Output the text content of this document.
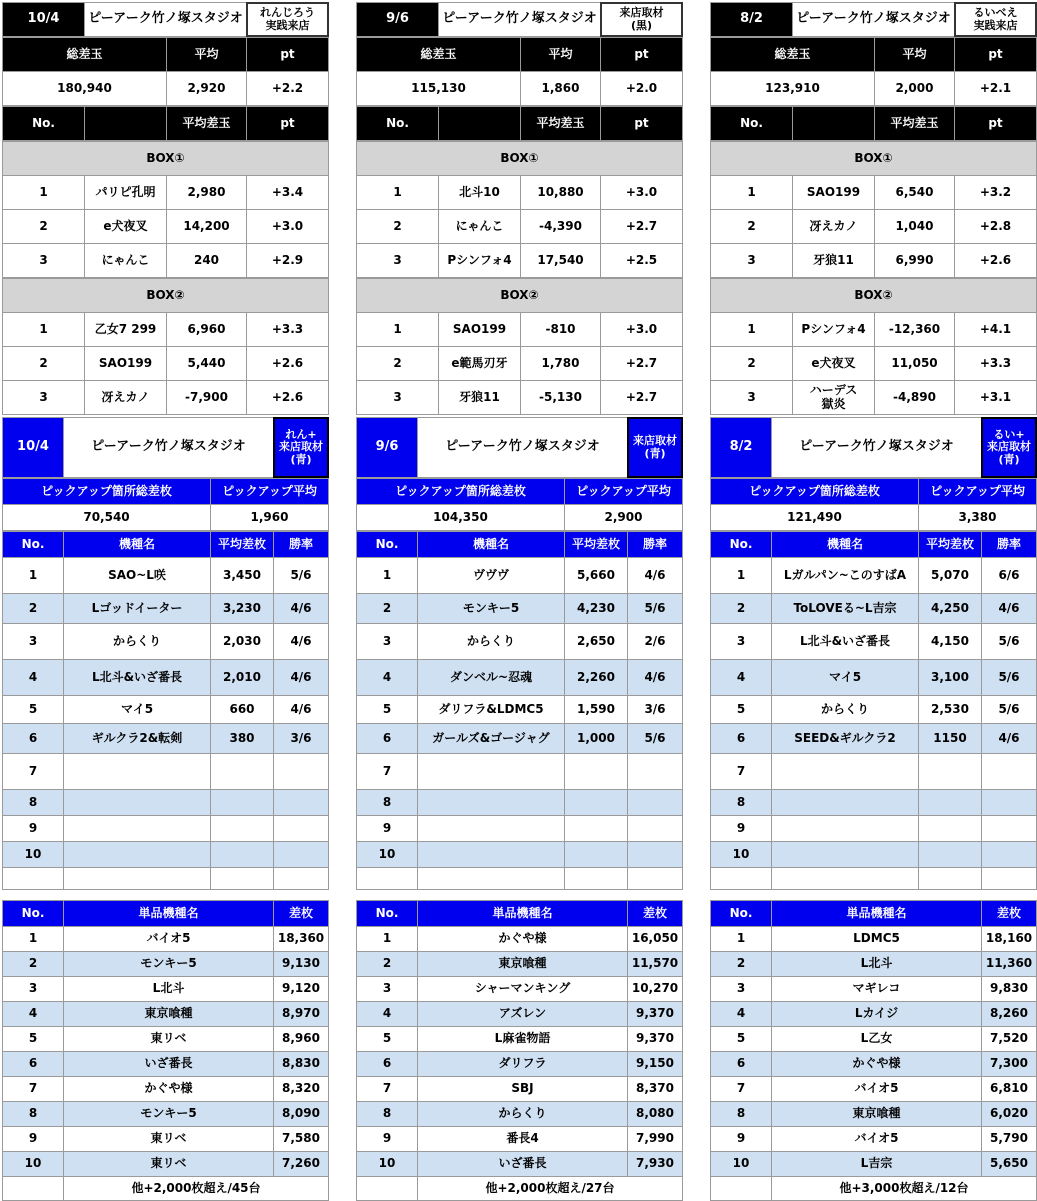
10/4	ピーアーク竹ノ塚スタジオ	れんじろう
実践来店
総差玉	平均	pt
180,940	2,920	+2.2
No.	平均差玉	pt
BOX①
1	パリピ孔明	2,980	+3.4
2	e犬夜叉	14,200	+3.0
3	にゃんこ	240	+2.9
BOX②
1	乙女7 299	6,960	+3.3
2	SAO199	5,440	+2.6
3	冴えカノ	-7,900	+2.6
9/6	ピーアーク竹ノ塚スタジオ	来店取材
(黒)
総差玉	平均	pt
115,130	1,860	+2.0
No.	平均差玉	pt
BOX①
1	北斗10	10,880	+3.0
2	にゃんこ	-4,390	+2.7
3	Pシンフォ4	17,540	+2.5
BOX②
1	SAO199	-810	+3.0
2	e範馬刃牙	1,780	+2.7
3	牙狼11	-5,130	+2.7
8/2	ピーアーク竹ノ塚スタジオ	るいべえ
実践来店
総差玉	平均	pt
123,910	2,000	+2.1
No.	平均差玉	pt
BOX①
1	SAO199	6,540	+3.2
2	冴えカノ	1,040	+2.8
3	牙狼11	6,990	+2.6
BOX②
1	Pシンフォ4	-12,360	+4.1
2	e犬夜叉	11,050	+3.3
3	ハーデス
獄炎	-4,890	+3.1
10/4	ピーアーク竹ノ塚スタジオ
れん+
来店取材
(青)
ピックアップ箇所総差枚	ピックアップ平均
70,540	1,960
No.	機種名	平均差枚	勝率
1	SAO~L咲	3,450	5/6
2	Lゴッドイーター	3,230	4/6
3	からくり	2,030	4/6
4	L北斗&いざ番長	2,010	4/6
5	マイ5	660	4/6
6	ギルクラ2&転剣	380	3/6
7
8
9
10
No.	単品機種名	差枚
1	バイオ5	18,360
2	モンキー5	9,130
3	L北斗	9,120
4	東京喰種	8,970
5	東リベ	8,960
6	いざ番長	8,830
7	かぐや様	8,320
8	モンキー5	8,090
9	東リベ	7,580
10	東リベ	7,260
他+2,000枚超え/45台
9/6	ピーアーク竹ノ塚スタジオ	来店取材
(青)
ピックアップ箇所総差枚	ピックアップ平均
104,350	2,900
No.	機種名	平均差枚	勝率
1	ヴヴヴ	5,660	4/6
2	モンキー5	4,230	5/6
3	からくり	2,650	2/6
4	ダンベル~忍魂	2,260	4/6
5	ダリフラ&LDMC5	1,590	3/6
6	ガールズ&ゴージャグ	1,000	5/6
7
8
9
10
No.	単品機種名	差枚
1	かぐや様	16,050
2	東京喰種	11,570
3	シャーマンキング	10,270
4	アズレン	9,370
5	L麻雀物語	9,370
6	ダリフラ	9,150
7	SBJ	8,370
8	からくり	8,080
9	番長4	7,990
10	いざ番長	7,930
他+2,000枚超え/27台
8/2	ピーアーク竹ノ塚スタジオ
るい+
来店取材
(青)
ピックアップ箇所総差枚	ピックアップ平均
121,490	3,380
No.	機種名	平均差枚	勝率
1	Lガルパン~このすばA	5,070	6/6
2	ToLOVEる~L吉宗	4,250	4/6
3	L北斗&いざ番長	4,150	5/6
4	マイ5	3,100	5/6
5	からくり	2,530	5/6
6	SEED&ギルクラ2	1150	4/6
7
8
9
10
No.	単品機種名	差枚
1	LDMC5	18,160
2	L北斗	11,360
3	マギレコ	9,830
4	Lカイジ	8,260
5	L乙女	7,520
6	かぐや様	7,300
7	バイオ5	6,810
8	東京喰種	6,020
9	バイオ5	5,790
10	L吉宗	5,650
他+3,000枚超え/12台
